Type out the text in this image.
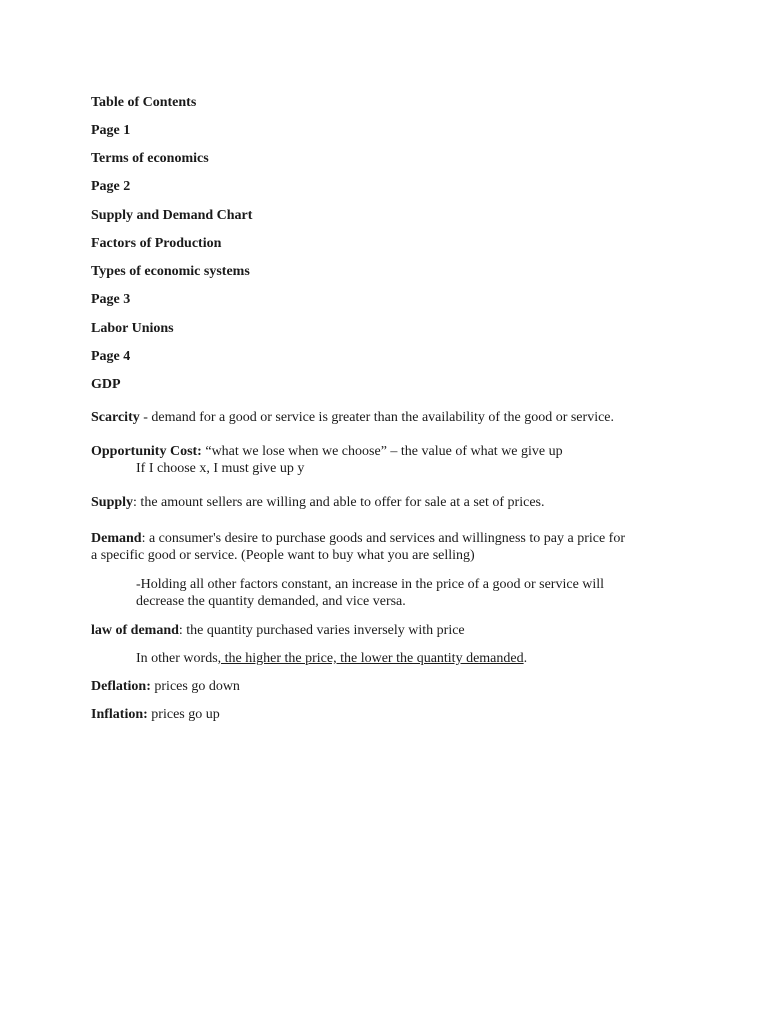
Table of Contents
Page 1
Terms of economics
Page 2
Supply and Demand Chart
Factors of Production
Types of economic systems
Page 3
Labor Unions
Page 4
GDP
Scarcity - demand for a good or service is greater than the availability of the good or service.
Opportunity Cost: “what we lose when we choose” – the value of what we give up
If I choose x, I must give up y
Supply: the amount sellers are willing and able to offer for sale at a set of prices.
Demand: a consumer's desire to purchase goods and services and willingness to pay a price for
a specific good or service. (People want to buy what you are selling)
-Holding all other factors constant, an increase in the price of a good or service will
decrease the quantity demanded, and vice versa.
law of demand: the quantity purchased varies inversely with price
In other words, the higher the price, the lower the quantity demanded.
Deflation: prices go down
Inflation: prices go up
